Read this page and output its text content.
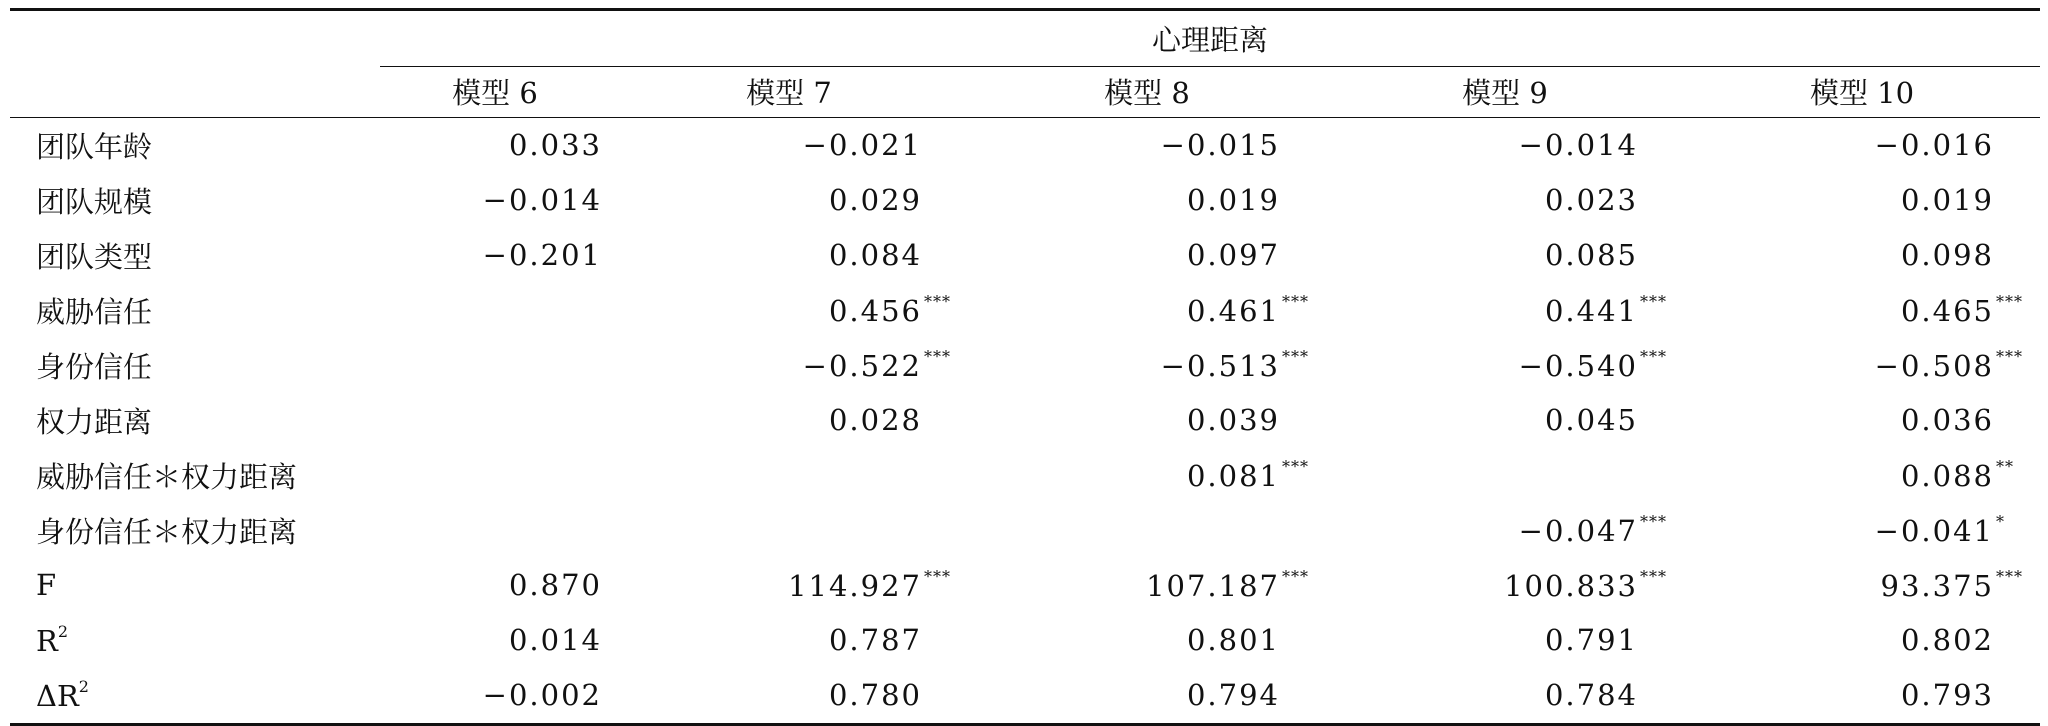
	心理距离				
	模型 6	模型 7	模型 8	模型 9	模型 10
团队年龄	0.033	−0.021	−0.015	−0.014	−0.016
团队规模	−0.014	0.029	0.019	0.023	0.019
团队类型	−0.201	0.084	0.097	0.085	0.098
威胁信任		0.456 ***	0.461 ***	0.441 ***	0.465 ***
身份信任		−0.522 ***	−0.513 ***	−0.540 ***	−0.508 ***
权力距离		0.028	0.039	0.045	0.036
威胁信任＊权力距离			0.081 ***		0.088 **
身份信任＊权力距离				−0.047 ***	−0.041 *
F	0.870	114.927 ***	107.187 ***	100.833 ***	93.375 ***
$R^2$	0.014	0.787	0.801	0.791	0.802
$\Delta R^2$	−0.002	0.780	0.794	0.784	0.793
